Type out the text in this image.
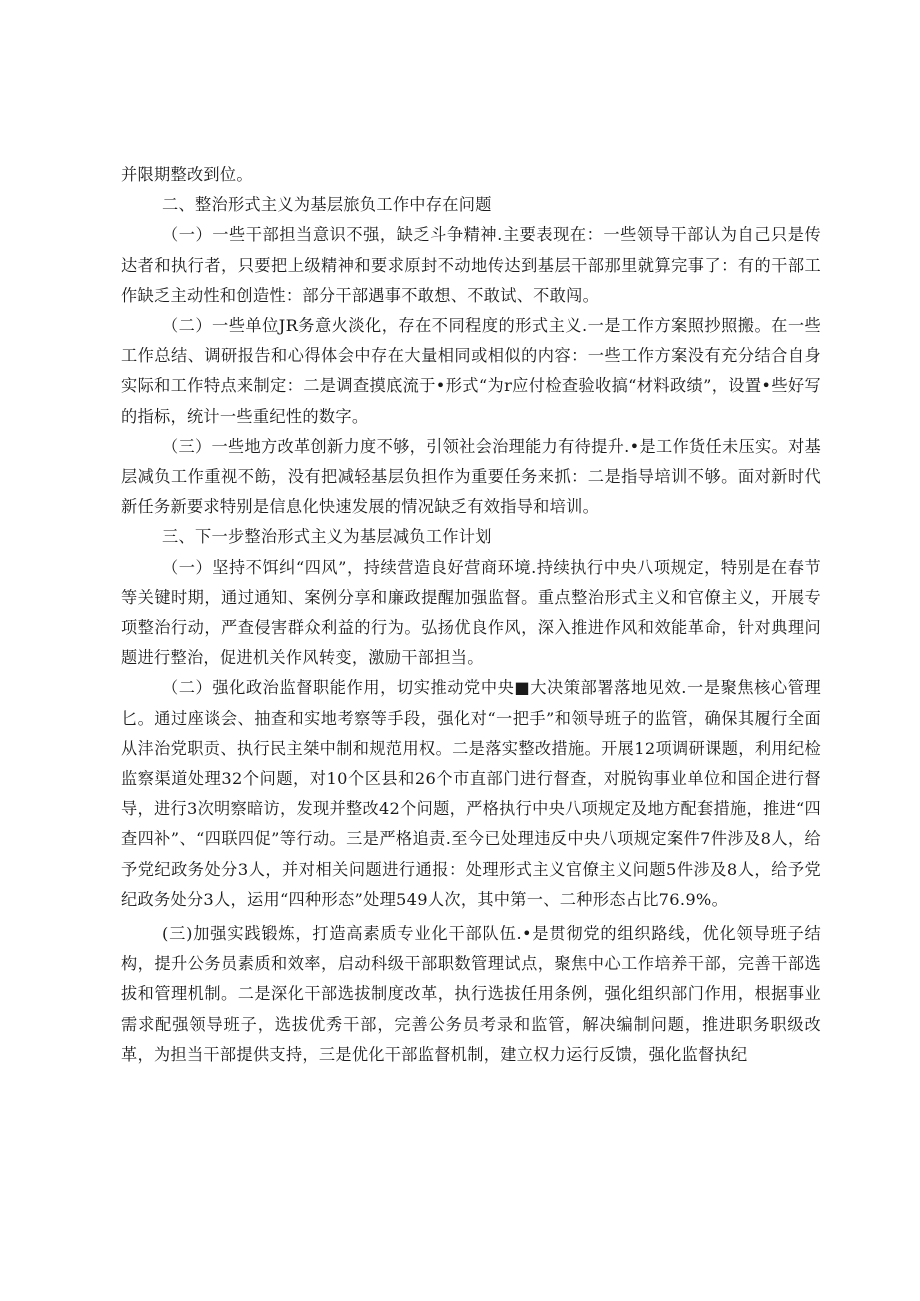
并限期整改到位。

二、整治形式主义为基层旅负工作中存在问题

（一）一些干部担当意识不强，缺乏斗争精神.主要表现在：一些领导干部认为自己只是传达者和执行者，只要把上级精神和要求原封不动地传达到基层干部那里就算完事了：有的干部工作缺乏主动性和创造性：部分干部遇事不敢想、不敢试、不敢闯。

（二）一些单位JR务意火淡化，存在不同程度的形式主义.一是工作方案照抄照搬。在一些工作总结、调研报告和心得体会中存在大量相同或相似的内容：一些工作方案没有充分结合自身实际和工作特点来制定：二是调查摸底流于•形式“为r应付检查验收搞“材料政绩”，设置•些好写的指标，统计一些重纪性的数字。

（三）一些地方改革创新力度不够，引领社会治理能力有待提升.•是工作货任未压实。对基层减负工作重视不飭，没有把减轻基层负担作为重要任务来抓：二是指导培训不够。面对新时代新任务新要求特别是信息化快速发展的情况缺乏有效指导和培训。

三、下一步整治形式主义为基层减负工作计划

（一）坚持不饵纠“四风”，持续营造良好营商环境.持续执行中央八项规定，特别是在春节等关键时期，通过通知、案例分享和廉政提醒加强监督。重点整治形式主义和官僚主义，开展专项整治行动，严查侵害群众利益的行为。弘扬优良作风，深入推进作风和效能革命，针对典理问题进行整治，促进机关作风转变，激励干部担当。

（二）强化政治监督职能作用，切实推动党中央■大决策部署落地见效.一是聚焦核心管理匕。通过座谈会、抽查和实地考察等手段，强化对“一把手”和领导班子的监管，确保其履行全面从沣治党职贡、执行民主桀中制和规范用权。二是落实整改措施。开展12项调研课题，利用纪检监察渠道处理32个问题，对10个区县和26个市直部门进行督查，对脱钩事业单位和国企进行督导，进行3次明察暗访，发现并整改42个问题，严格执行中央八项规定及地方配套措施，推进“四查四补”、“四联四促”等行动。三是严格追责.至今已处理违反中央八项规定案件7件涉及8人，给予党纪政务处分3人，并对相关问题进行通报：处理形式主义官僚主义问题5件涉及8人，给予党纪政务处分3人，运用“四种形态”处理549人次，其中第一、二种形态占比76.9%。

(三)加强实践锻炼，打造高素质专业化干部队伍.•是贯彻党的组织路线，优化领导班子结构，提升公务员素质和效率，启动科级干部职数管理试点，聚焦中心工作培养干部，完善干部选拔和管理机制。二是深化干部选拔制度改革，执行选拔任用条例，强化组织部门作用，根据事业需求配强领导班子，选拔优秀干部，完善公务员考录和监管，解决编制问题，推进职务职级改革，为担当干部提供支持，三是优化干部监督机制，建立权力运行反馈，强化监督执纪
